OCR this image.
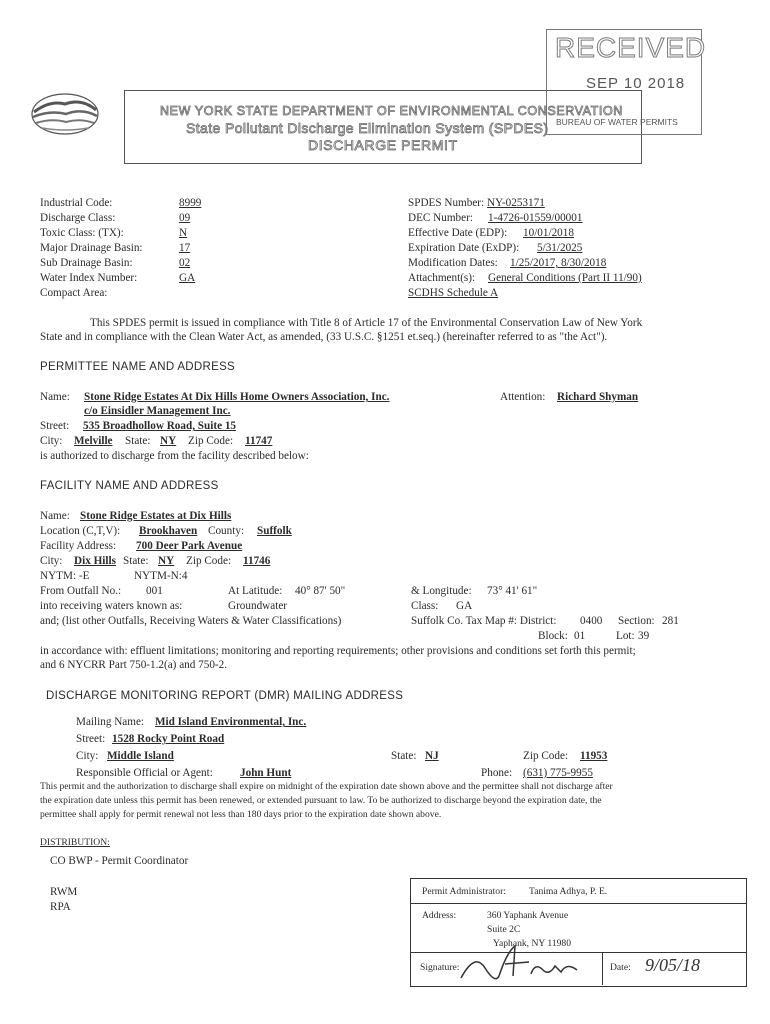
NEW YORK STATE DEPARTMENT OF ENVIRONMENTAL CONSERVATION
State Pollutant Discharge Elimination System (SPDES)
DISCHARGE PERMIT
RECEIVED
SEP 10 2018
BUREAU OF WATER PERMITS
Industrial Code:	8999
Discharge Class:	09
Toxic Class: (TX):	N
Major Drainage Basin:	17
Sub Drainage Basin:	02
Water Index Number:	GA
Compact Area:
SPDES Number: NY-0253171
DEC Number: 1-4726-01559/00001
Effective Date (EDP): 10/01/2018
Expiration Date (ExDP): 5/31/2025
Modification Dates: 1/25/2017, 8/30/2018
Attachment(s): General Conditions (Part II 11/90)
SCDHS Schedule A
This SPDES permit is issued in compliance with Title 8 of Article 17 of the Environmental Conservation Law of New York
State and in compliance with the Clean Water Act, as amended, (33 U.S.C. §1251 et.seq.) (hereinafter referred to as "the Act").
PERMITTEE NAME AND ADDRESS
Name: Stone Ridge Estates At Dix Hills Home Owners Association, Inc.	Attention: Richard Shyman
c/o Einsidler Management Inc.
Street: 535 Broadhollow Road, Suite 15
City: Melville State: NY Zip Code: 11747
is authorized to discharge from the facility described below:
FACILITY NAME AND ADDRESS
Name: Stone Ridge Estates at Dix Hills
Location (C,T,V): Brookhaven County: Suffolk
Facility Address: 700 Deer Park Avenue
City: Dix Hills State: NY Zip Code: 11746
NYTM: -E	NYTM-N:4
From Outfall No.: 001	At Latitude: 40° 87' 50"	& Longitude: 73° 41' 61"
into receiving waters known as:	Groundwater	Class: GA
and; (list other Outfalls, Receiving Waters & Water Classifications)	Suffolk Co. Tax Map #: District: 0400 Section: 281
Block: 01	Lot: 39
in accordance with: effluent limitations; monitoring and reporting requirements; other provisions and conditions set forth this permit;
and 6 NYCRR Part 750-1.2(a) and 750-2.
DISCHARGE MONITORING REPORT (DMR) MAILING ADDRESS
Mailing Name: Mid Island Environmental, Inc.
Street: 1528 Rocky Point Road
City: Middle Island	State: NJ	Zip Code: 11953
Responsible Official or Agent: John Hunt	Phone: (631) 775-9955
This permit and the authorization to discharge shall expire on midnight of the expiration date shown above and the permittee shall not discharge after
the expiration date unless this permit has been renewed, or extended pursuant to law. To be authorized to discharge beyond the expiration date, the
permittee shall apply for permit renewal not less than 180 days prior to the expiration date shown above.
DISTRIBUTION:
CO BWP - Permit Coordinator
RWM
RPA
Permit Administrator: Tanima Adhya, P. E.
Address:	360 Yaphank Avenue
Suite 2C
Yaphank, NY 11980
Signature:	Date: 9/05/18
